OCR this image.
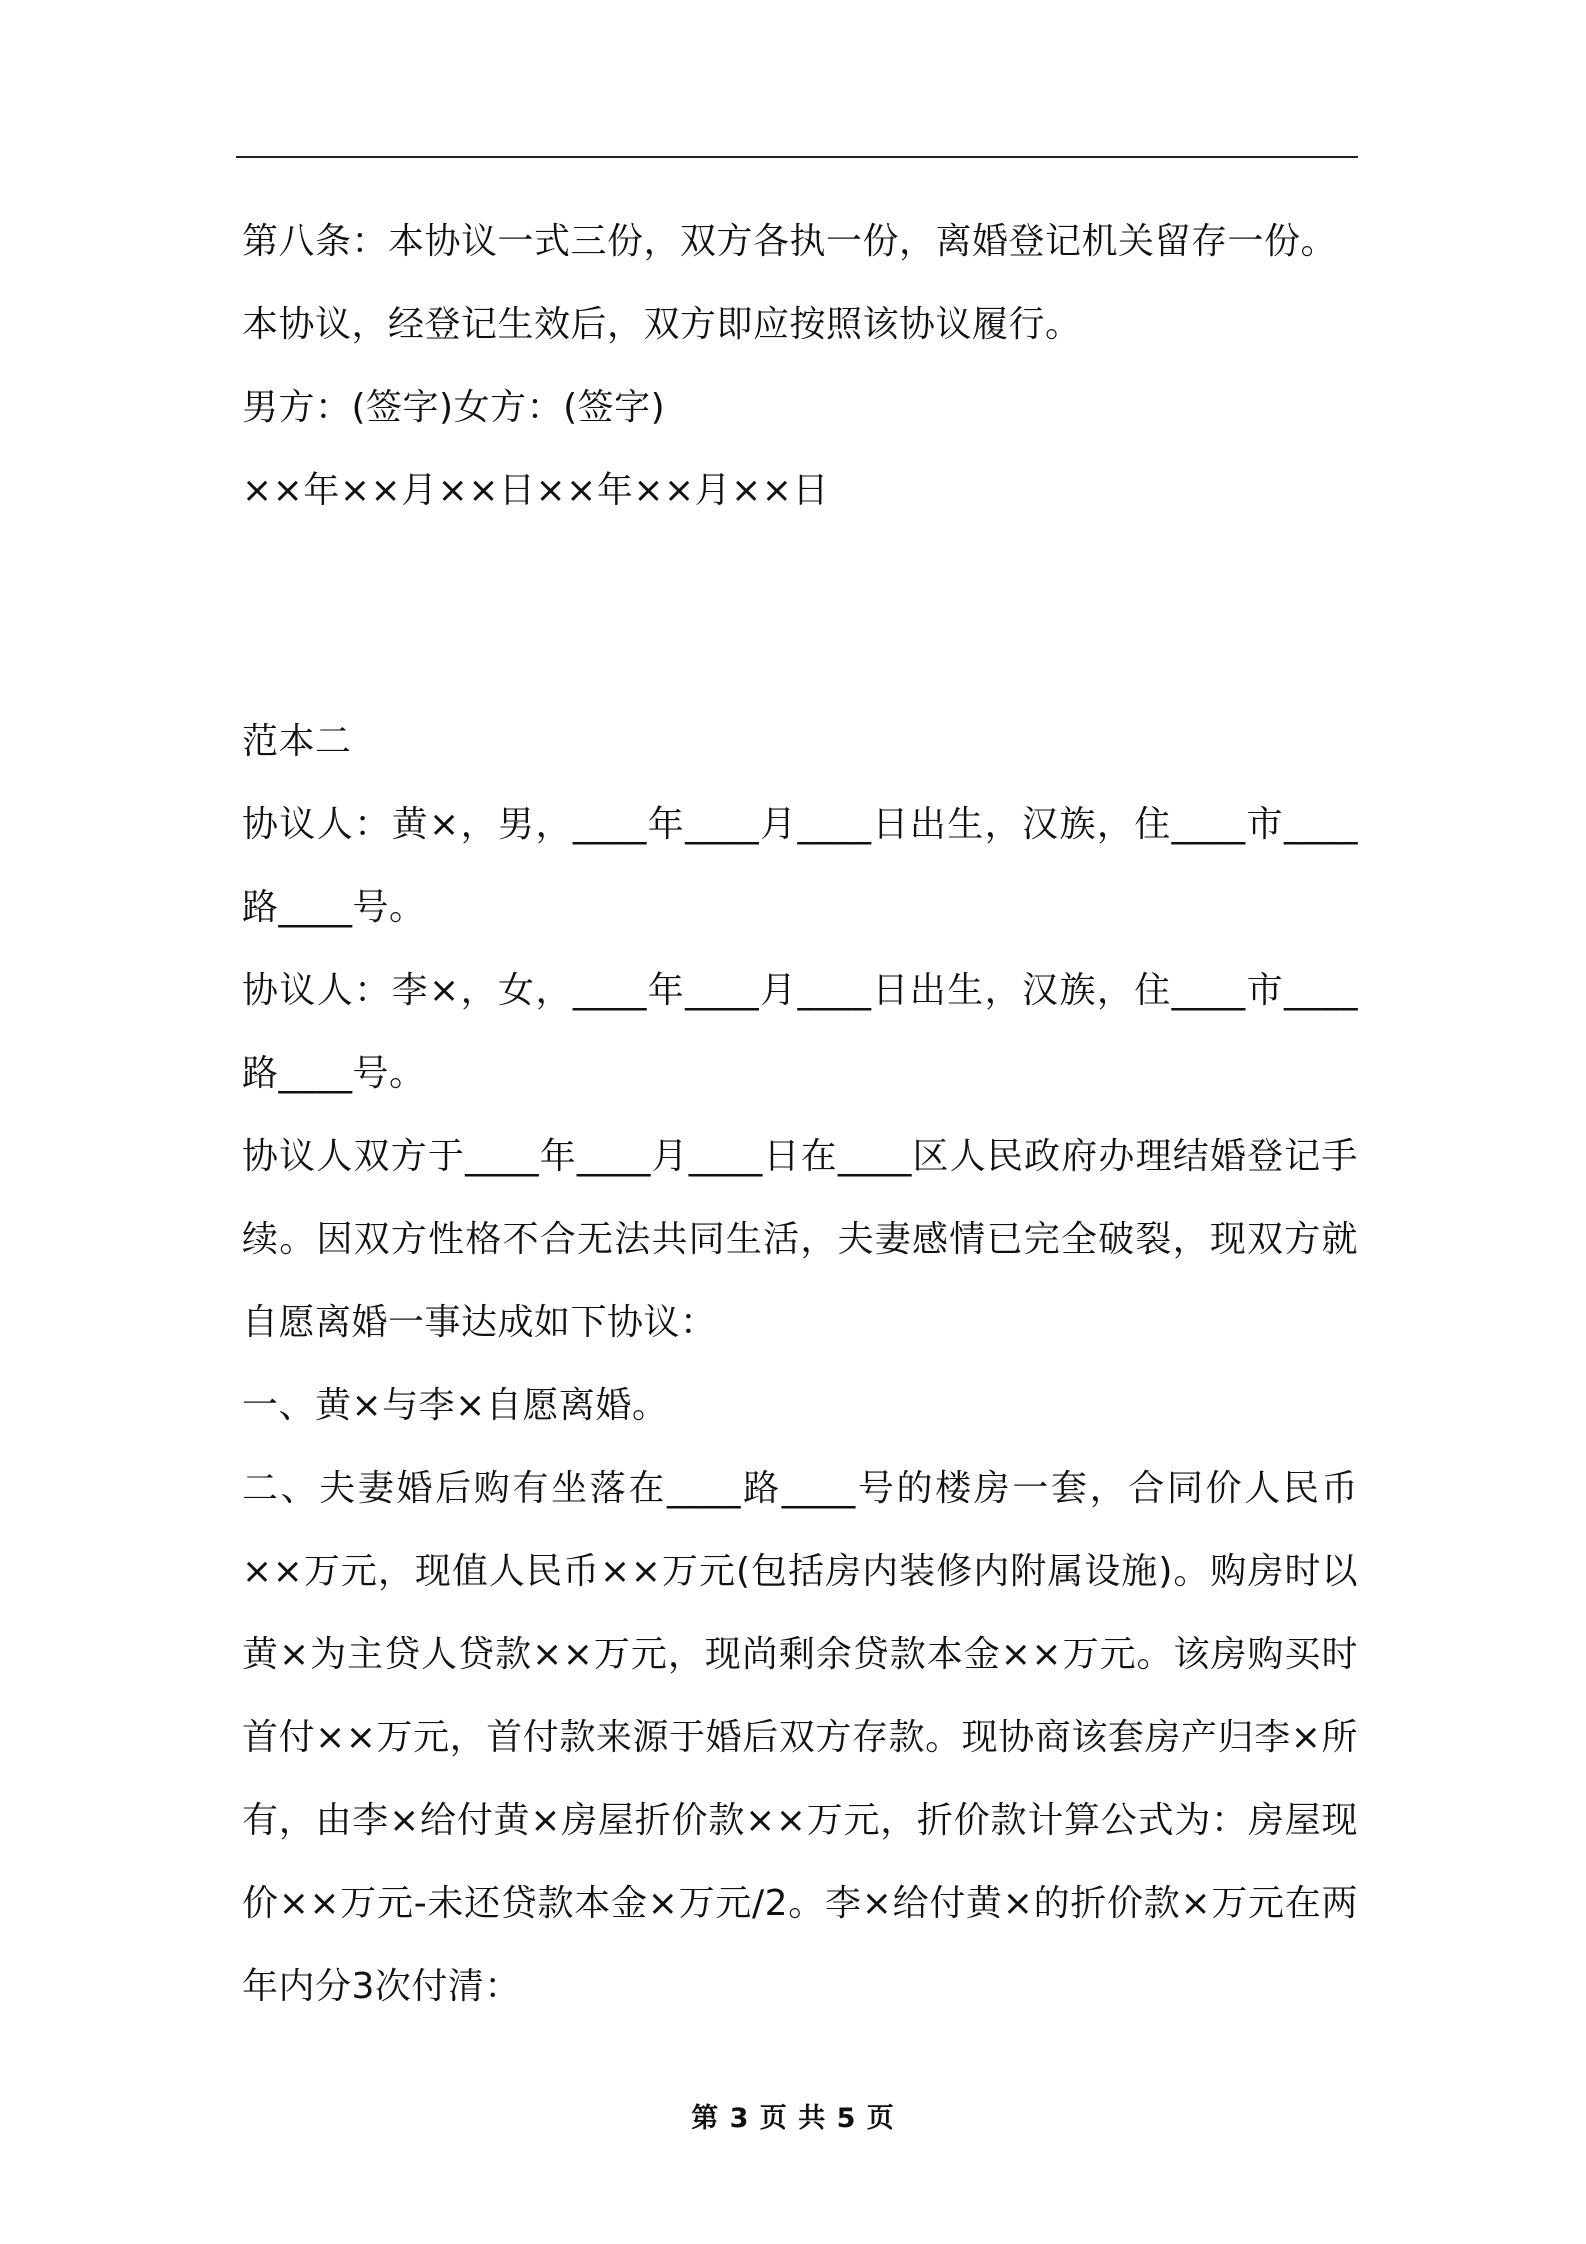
第八条：本协议一式三份，双方各执一份，离婚登记机关留存一份。

本协议，经登记生效后，双方即应按照该协议履行。

男方：(签字)女方：(签字)

××年××月××日××年××月××日

范本二

协议人：黄×，男，____年____月____日出生，汉族，住____市____路____号。

协议人：李×，女，____年____月____日出生，汉族，住____市____路____号。

协议人双方于____年____月____日在____区人民政府办理结婚登记手续。因双方性格不合无法共同生活，夫妻感情已完全破裂，现双方就自愿离婚一事达成如下协议：

一、黄×与李×自愿离婚。

二、夫妻婚后购有坐落在____路____号的楼房一套，合同价人民币××万元，现值人民币××万元(包括房内装修内附属设施)。购房时以黄×为主贷人贷款××万元，现尚剩余贷款本金××万元。该房购买时首付××万元，首付款来源于婚后双方存款。现协商该套房产归李×所有，由李×给付黄×房屋折价款××万元，折价款计算公式为：房屋现价××万元-未还贷款本金×万元/2。李×给付黄×的折价款×万元在两年内分3次付清：

第 3 页 共 5 页
